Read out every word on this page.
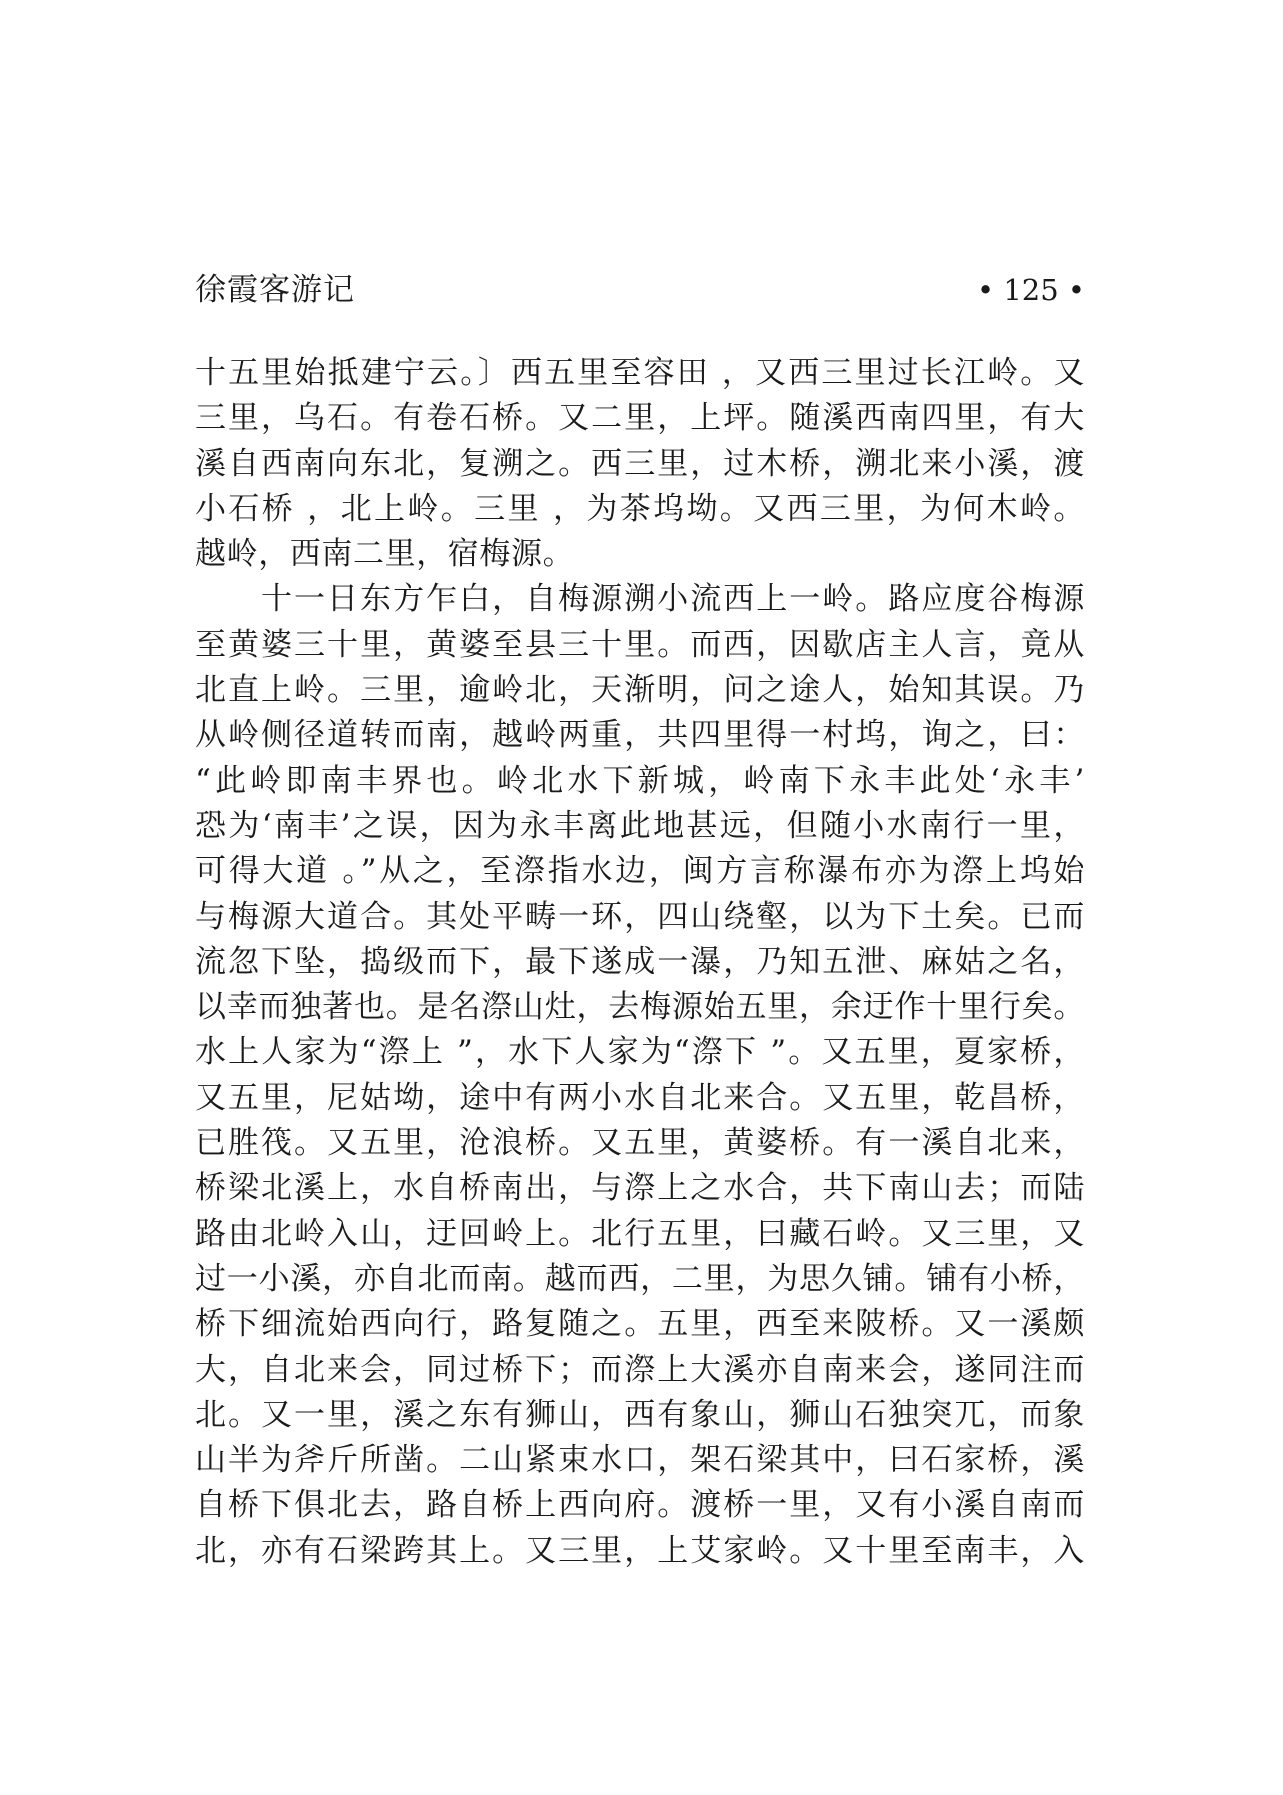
徐霞客游记	• 125 •
十五里始抵建宁云。〕西五里至容田 ，又西三里过长江岭。又
三里，乌石。有卷石桥。又二里，上坪。随溪西南四里，有大
溪自西南向东北，复溯之。西三里，过木桥，溯北来小溪，渡
小石桥 ，北上岭。三里 ，为茶坞坳。又西三里，为何木岭。
越岭，西南二里，宿梅源。
十一日东方乍白，自梅源溯小流西上一岭。路应度谷梅源
至黄婆三十里，黄婆至县三十里。而西，因歇店主人言，竟从
北直上岭。三里，逾岭北，天渐明，问之途人，始知其误。乃
从岭侧径道转而南，越岭两重，共四里得一村坞，询之，曰：
“此岭即南丰界也。岭北水下新城，岭南下永丰此处‘永丰’
恐为‘南丰’之误，因为永丰离此地甚远，但随小水南行一里，
可得大道 。”从之，至漈指水边，闽方言称瀑布亦为漈上坞始
与梅源大道合。其处平畴一环，四山绕壑，以为下土矣。已而
流忽下坠，捣级而下，最下遂成一瀑，乃知五泄、麻姑之名，
以幸而独著也。是名漈山灶，去梅源始五里，余迂作十里行矣。
水上人家为“漈上 ”，水下人家为“漈下 ”。又五里，夏家桥，
又五里，尼姑坳，途中有两小水自北来合。又五里，乾昌桥，
已胜筏。又五里，沧浪桥。又五里，黄婆桥。有一溪自北来，
桥梁北溪上，水自桥南出，与漈上之水合，共下南山去；而陆
路由北岭入山，迂回岭上。北行五里，曰藏石岭。又三里，又
过一小溪，亦自北而南。越而西，二里，为思久铺。铺有小桥，
桥下细流始西向行，路复随之。五里，西至来陂桥。又一溪颇
大，自北来会，同过桥下；而漈上大溪亦自南来会，遂同注而
北。又一里，溪之东有狮山，西有象山，狮山石独突兀，而象
山半为斧斤所凿。二山紧束水口，架石梁其中，曰石家桥，溪
自桥下俱北去，路自桥上西向府。渡桥一里，又有小溪自南而
北，亦有石梁跨其上。又三里，上艾家岭。又十里至南丰，入
